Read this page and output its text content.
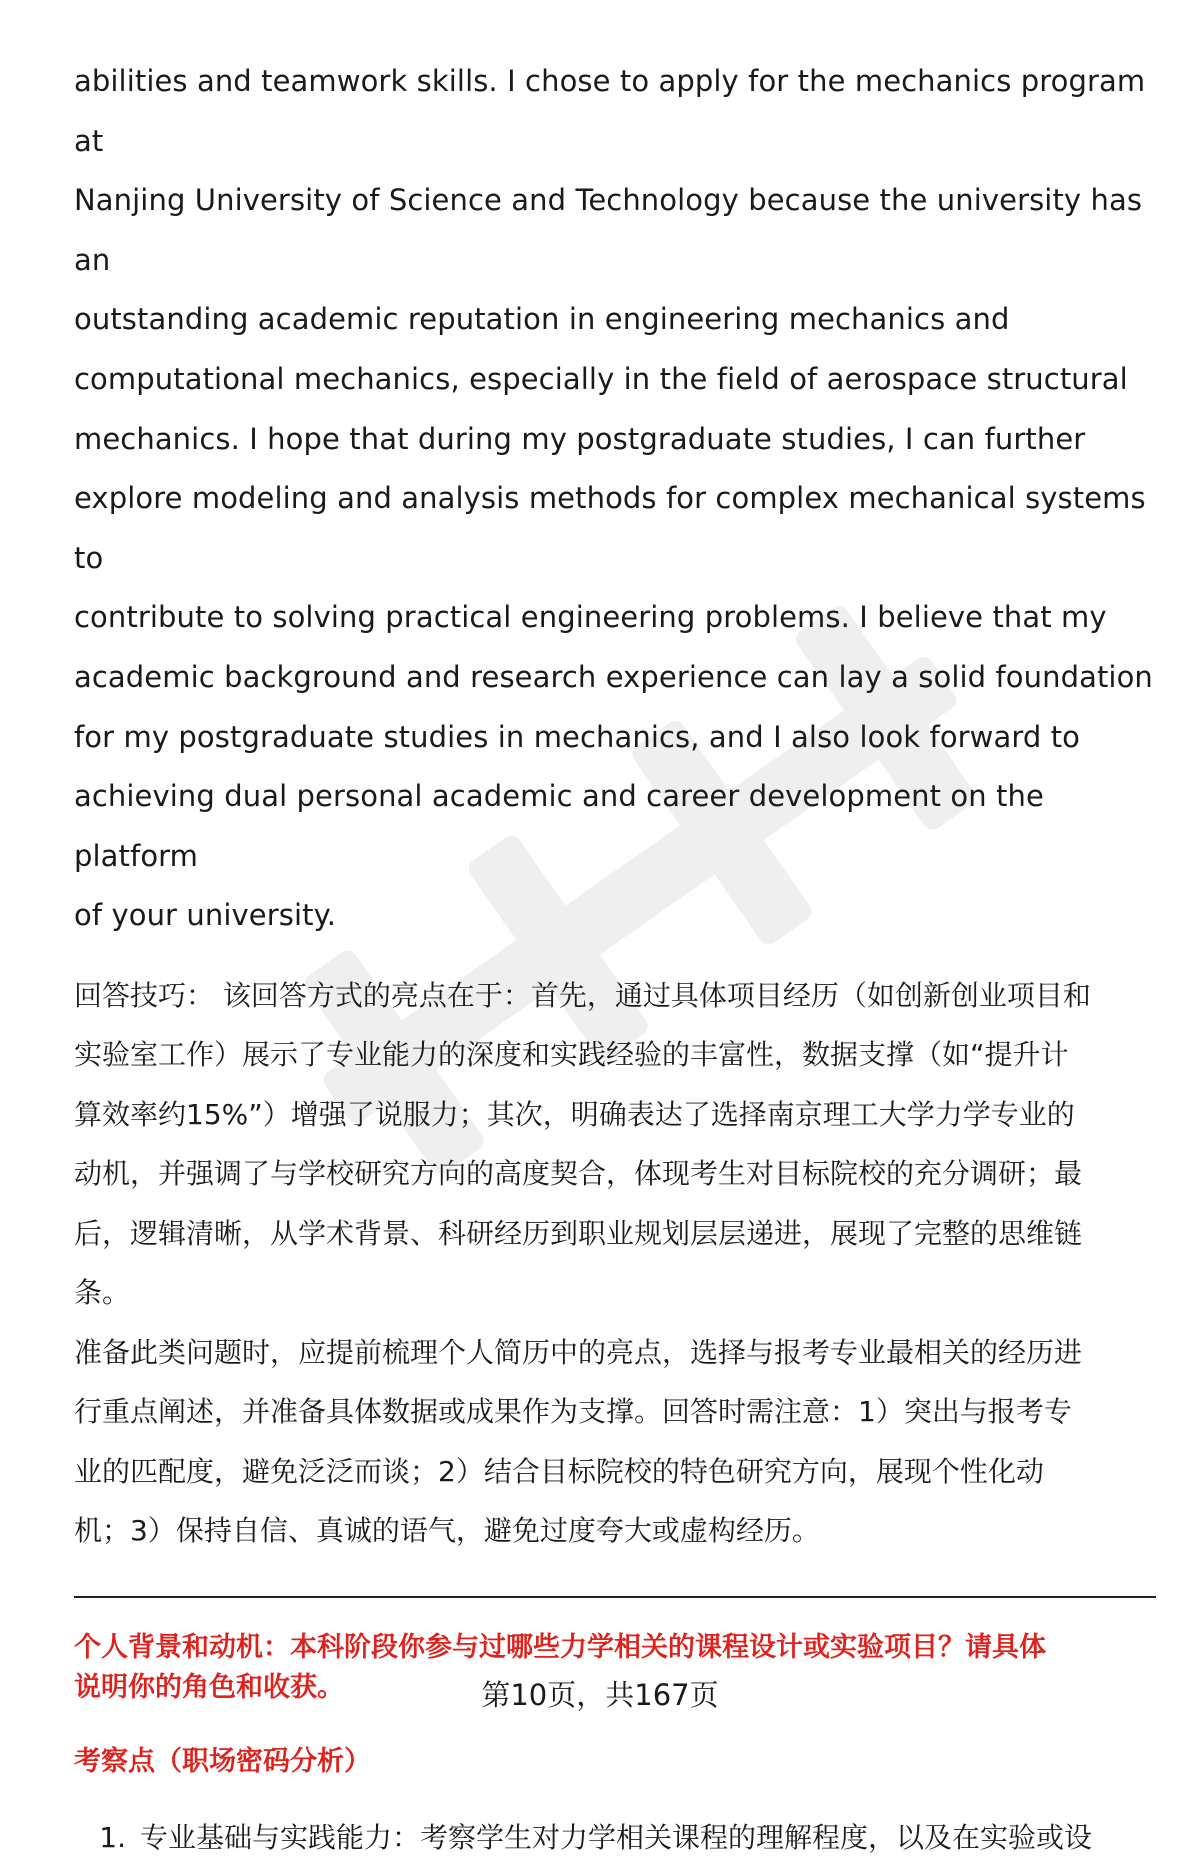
abilities and teamwork skills. I chose to apply for the mechanics program at

Nanjing University of Science and Technology because the university has an

outstanding academic reputation in engineering mechanics and

computational mechanics, especially in the field of aerospace structural

mechanics. I hope that during my postgraduate studies, I can further

explore modeling and analysis methods for complex mechanical systems to

contribute to solving practical engineering problems. I believe that my

academic background and research experience can lay a solid foundation

for my postgraduate studies in mechanics, and I also look forward to

achieving dual personal academic and career development on the platform

of your university.

回答技巧： 该回答方式的亮点在于：首先，通过具体项目经历（如创新创业项目和

实验室工作）展示了专业能力的深度和实践经验的丰富性，数据支撑（如“提升计

算效率约15%”）增强了说服力；其次，明确表达了选择南京理工大学力学专业的

动机，并强调了与学校研究方向的高度契合，体现考生对目标院校的充分调研；最

后，逻辑清晰，从学术背景、科研经历到职业规划层层递进，展现了完整的思维链

条。

准备此类问题时，应提前梳理个人简历中的亮点，选择与报考专业最相关的经历进

行重点阐述，并准备具体数据或成果作为支撑。回答时需注意：1）突出与报考专

业的匹配度，避免泛泛而谈；2）结合目标院校的特色研究方向，展现个性化动

机；3）保持自信、真诚的语气，避免过度夸大或虚构经历。

个人背景和动机：本科阶段你参与过哪些力学相关的课程设计或实验项目？请具体
说明你的角色和收获。
考察点（职场密码分析）
1. 专业基础与实践能力：考察学生对力学相关课程的理解程度，以及在实验或设
第10页，共167页
